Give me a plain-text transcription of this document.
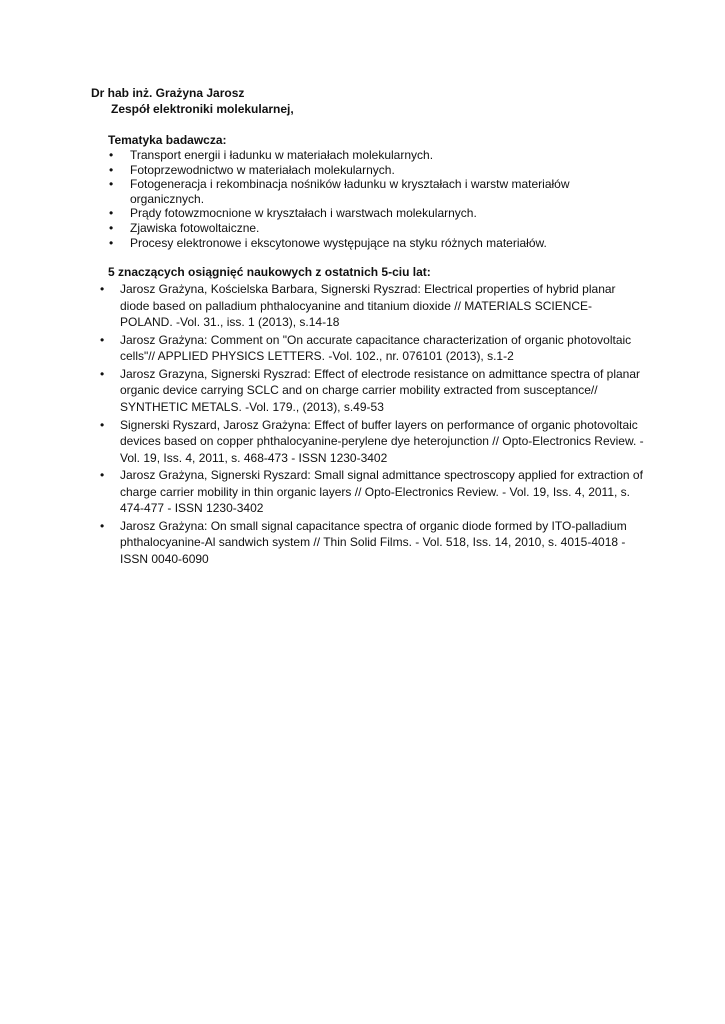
Dr hab inż. Grażyna Jarosz
Zespół elektroniki molekularnej,
Tematyka badawcza:
• Transport energii i ładunku w materiałach molekularnych.
• Fotoprzewodnictwo w materiałach molekularnych.
• Fotogeneracja i rekombinacja nośników ładunku w kryształach i warstw materiałów organicznych.
• Prądy fotowzmocnione w kryształach i warstwach molekularnych.
• Zjawiska fotowoltaiczne.
• Procesy elektronowe i ekscytonowe występujące na styku różnych materiałów.
5 znaczących osiągnięć naukowych z ostatnich 5-ciu lat:
• Jarosz Grażyna, Kościelska Barbara, Signerski Ryszrad: Electrical properties of hybrid planar diode based on palladium phthalocyanine and titanium dioxide // MATERIALS SCIENCE-POLAND. -Vol. 31., iss. 1 (2013), s.14-18
• Jarosz Grażyna: Comment on "On accurate capacitance characterization of organic photovoltaic cells"// APPLIED PHYSICS LETTERS. -Vol. 102., nr. 076101 (2013), s.1-2
• Jarosz Grazyna, Signerski Ryszrad: Effect of electrode resistance on admittance spectra of planar organic device carrying SCLC and on charge carrier mobility extracted from susceptance// SYNTHETIC METALS. -Vol. 179., (2013), s.49-53
• Signerski Ryszard, Jarosz Grażyna: Effect of buffer layers on performance of organic photovoltaic devices based on copper phthalocyanine-perylene dye heterojunction // Opto-Electronics Review. - Vol. 19, Iss. 4, 2011, s. 468-473 - ISSN 1230-3402
• Jarosz Grażyna, Signerski Ryszard: Small signal admittance spectroscopy applied for extraction of charge carrier mobility in thin organic layers // Opto-Electronics Review. - Vol. 19, Iss. 4, 2011, s. 474-477 - ISSN 1230-3402
• Jarosz Grażyna: On small signal capacitance spectra of organic diode formed by ITO-palladium phthalocyanine-Al sandwich system // Thin Solid Films. - Vol. 518, Iss. 14, 2010, s. 4015-4018 - ISSN 0040-6090
